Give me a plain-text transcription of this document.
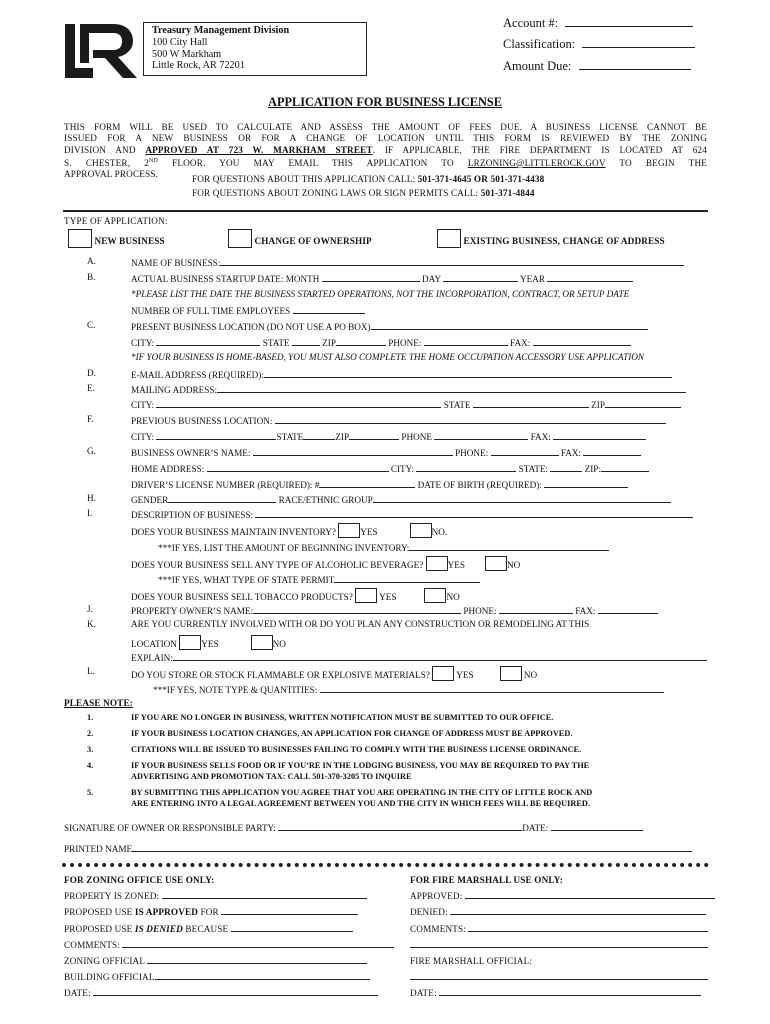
Treasury Management Division
100 City Hall
500 W Markham
Little Rock, AR 72201
Account #:
Classification:
Amount Due:
APPLICATION FOR BUSINESS LICENSE
THIS FORM WILL BE USED TO CALCULATE AND ASSESS THE AMOUNT OF FEES DUE. A BUSINESS LICENSE CANNOT BE
ISSUED FOR A NEW BUSINESS OR FOR A CHANGE OF LOCATION UNTIL THIS FORM IS REVIEWED BY THE ZONING
DIVISION AND APPROVED AT 723 W. MARKHAM STREET. IF APPLICABLE, THE FIRE DEPARTMENT IS LOCATED AT 624
S. CHESTER, 2ND FLOOR. YOU MAY EMAIL THIS APPLICATION TO LRZONING@LITTLEROCK.GOV TO BEGIN THE
APPROVAL PROCESS.	FOR QUESTIONS ABOUT THIS APPLICATION CALL: 501-371-4645 OR 501-371-4438
FOR QUESTIONS ABOUT ZONING LAWS OR SIGN PERMITS CALL: 501-371-4844
TYPE OF APPLICATION:
NEW BUSINESS	CHANGE OF OWNERSHIP	EXISTING BUSINESS, CHANGE OF ADDRESS
A.	NAME OF BUSINESS:
B.	ACTUAL BUSINESS STARTUP DATE: MONTH	DAY	YEAR
*PLEASE LIST THE DATE THE BUSINESS STARTED OPERATIONS, NOT THE INCORPORATION, CONTRACT, OR SETUP DATE
NUMBER OF FULL TIME EMPLOYEES
C.	PRESENT BUSINESS LOCATION (DO NOT USE A PO BOX)
CITY:	STATE	ZIP	PHONE:	FAX:
*IF YOUR BUSINESS IS HOME-BASED, YOU MUST ALSO COMPLETE THE HOME OCCUPATION ACCESSORY USE APPLICATION
D.	E-MAIL ADDRESS (REQUIRED):
E.	MAILING ADDRESS:
CITY:	STATE	ZIP
F.	PREVIOUS BUSINESS LOCATION:
CITY:	STATE	ZIP	PHONE	FAX:
G.	BUSINESS OWNER’S NAME:	PHONE:	FAX:
HOME ADDRESS:	CITY:	STATE:	ZIP:
DRIVER’S LICENSE NUMBER (REQUIRED): #	DATE OF BIRTH (REQUIRED):
H.	GENDER	RACE/ETHNIC GROUP
I.	DESCRIPTION OF BUSINESS:
DOES YOUR BUSINESS MAINTAIN INVENTORY?	YES	NO.
***IF YES, LIST THE AMOUNT OF BEGINNING INVENTORY:
DOES YOUR BUSINESS SELL ANY TYPE OF ALCOHOLIC BEVERAGE?	YES	NO
***IF YES, WHAT TYPE OF STATE PERMIT
DOES YOUR BUSINESS SELL TOBACCO PRODUCTS?	YES	NO
J.	PROPERTY OWNER’S NAME:	PHONE:	FAX:
K.	ARE YOU CURRENTLY INVOLVED WITH OR DO YOU PLAN ANY CONSTRUCTION OR REMODELING AT THIS
LOCATION	YES	NO
EXPLAIN:
L.	DO YOU STORE OR STOCK FLAMMABLE OR EXPLOSIVE MATERIALS?	YES	NO
***IF YES, NOTE TYPE & QUANTITIES:
PLEASE NOTE:
1.	IF YOU ARE NO LONGER IN BUSINESS, WRITTEN NOTIFICATION MUST BE SUBMITTED TO OUR OFFICE.
2.	IF YOUR BUSINESS LOCATION CHANGES, AN APPLICATION FOR CHANGE OF ADDRESS MUST BE APPROVED.
3.	CITATIONS WILL BE ISSUED TO BUSINESSES FAILING TO COMPLY WITH THE BUSINESS LICENSE ORDINANCE.
4.	IF YOUR BUSINESS SELLS FOOD OR IF YOU’RE IN THE LODGING BUSINESS, YOU MAY BE REQUIRED TO PAY THE
ADVERTISING AND PROMOTION TAX: CALL 501-370-3205 TO INQUIRE
5.	BY SUBMITTING THIS APPLICATION YOU AGREE THAT YOU ARE OPERATING IN THE CITY OF LITTLE ROCK AND
ARE ENTERING INTO A LEGAL AGREEMENT BETWEEN YOU AND THE CITY IN WHICH FEES WILL BE REQUIRED.
SIGNATURE OF OWNER OR RESPONSIBLE PARTY:	DATE:
PRINTED NAME
FOR ZONING OFFICE USE ONLY:
PROPERTY IS ZONED:
PROPOSED USE IS APPROVED FOR
PROPOSED USE IS DENIED BECAUSE
COMMENTS:
ZONING OFFICIAL
BUILDING OFFICIAL
DATE:
FOR FIRE MARSHALL USE ONLY:
APPROVED:
DENIED:
COMMENTS:
FIRE MARSHALL OFFICIAL:
DATE:
